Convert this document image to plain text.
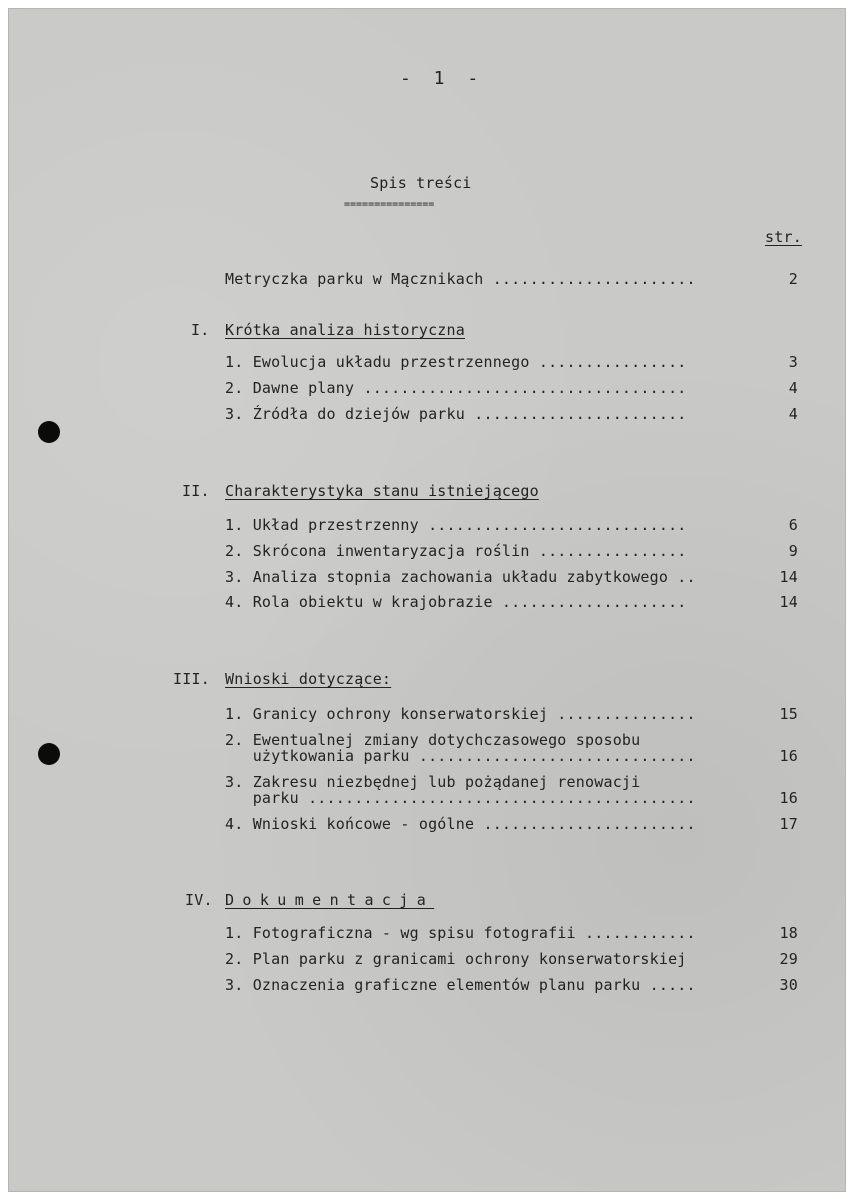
- 1 -
Spis treści
===============
str.
Metryczka parku w Mącznikach ......................	2
I. Krótka analiza historyczna
1. Ewolucja układu przestrzennego ................	3
2. Dawne plany ...................................	4
3. Źródła do dziejów parku .......................	4
II. Charakterystyka stanu istniejącego
1. Układ przestrzenny ............................	6
2. Skrócona inwentaryzacja roślin ................	9
3. Analiza stopnia zachowania układu zabytkowego ..	14
4. Rola obiektu w krajobrazie ....................	14
III. Wnioski dotyczące:
1. Granicy ochrony konserwatorskiej ...............	15
2. Ewentualnej zmiany dotychczasowego sposobu
użytkowania parku ..............................	16
3. Zakresu niezbędnej lub pożądanej renowacji
parku ..........................................	16
4. Wnioski końcowe - ogólne .......................	17
IV. Dokumentacja
1. Fotograficzna - wg spisu fotografii ............	18
2. Plan parku z granicami ochrony konserwatorskiej	29
3. Oznaczenia graficzne elementów planu parku .....	30
